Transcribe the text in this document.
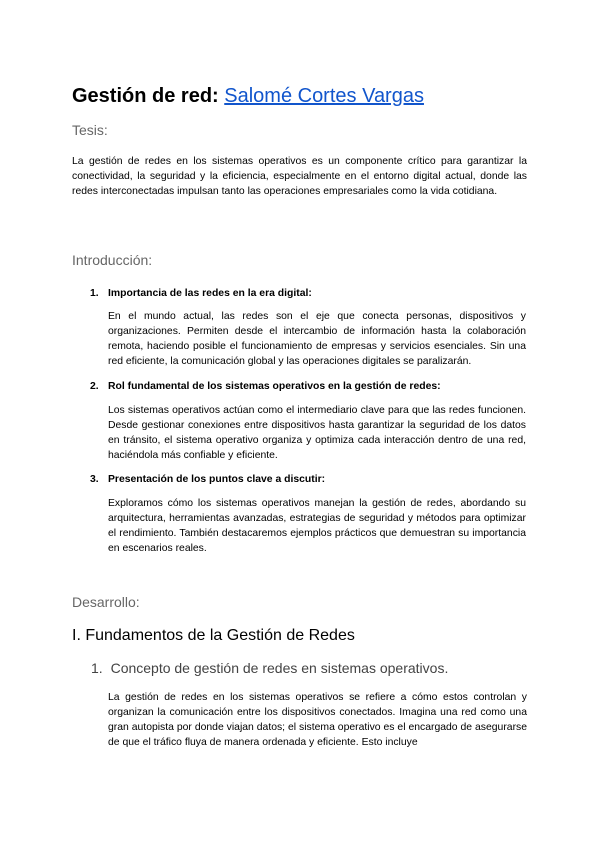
Gestión de red: Salomé Cortes Vargas
Tesis:

La gestión de redes en los sistemas operativos es un componente crítico para garantizar la conectividad, la seguridad y la eficiencia, especialmente en el entorno digital actual, donde las redes interconectadas impulsan tanto las operaciones empresariales como la vida cotidiana.

Introducción:
1. Importancia de las redes en la era digital:

En el mundo actual, las redes son el eje que conecta personas, dispositivos y organizaciones. Permiten desde el intercambio de información hasta la colaboración remota, haciendo posible el funcionamiento de empresas y servicios esenciales. Sin una red eficiente, la comunicación global y las operaciones digitales se paralizarán.

2. Rol fundamental de los sistemas operativos en la gestión de redes:

Los sistemas operativos actúan como el intermediario clave para que las redes funcionen. Desde gestionar conexiones entre dispositivos hasta garantizar la seguridad de los datos en tránsito, el sistema operativo organiza y optimiza cada interacción dentro de una red, haciéndola más confiable y eficiente.

3. Presentación de los puntos clave a discutir:

Exploramos cómo los sistemas operativos manejan la gestión de redes, abordando su arquitectura, herramientas avanzadas, estrategias de seguridad y métodos para optimizar el rendimiento. También destacaremos ejemplos prácticos que demuestran su importancia en escenarios reales.

Desarrollo:
I. Fundamentos de la Gestión de Redes
1. Concepto de gestión de redes en sistemas operativos.

La gestión de redes en los sistemas operativos se refiere a cómo estos controlan y organizan la comunicación entre los dispositivos conectados. Imagina una red como una gran autopista por donde viajan datos; el sistema operativo es el encargado de asegurarse de que el tráfico fluya de manera ordenada y eficiente. Esto incluye
